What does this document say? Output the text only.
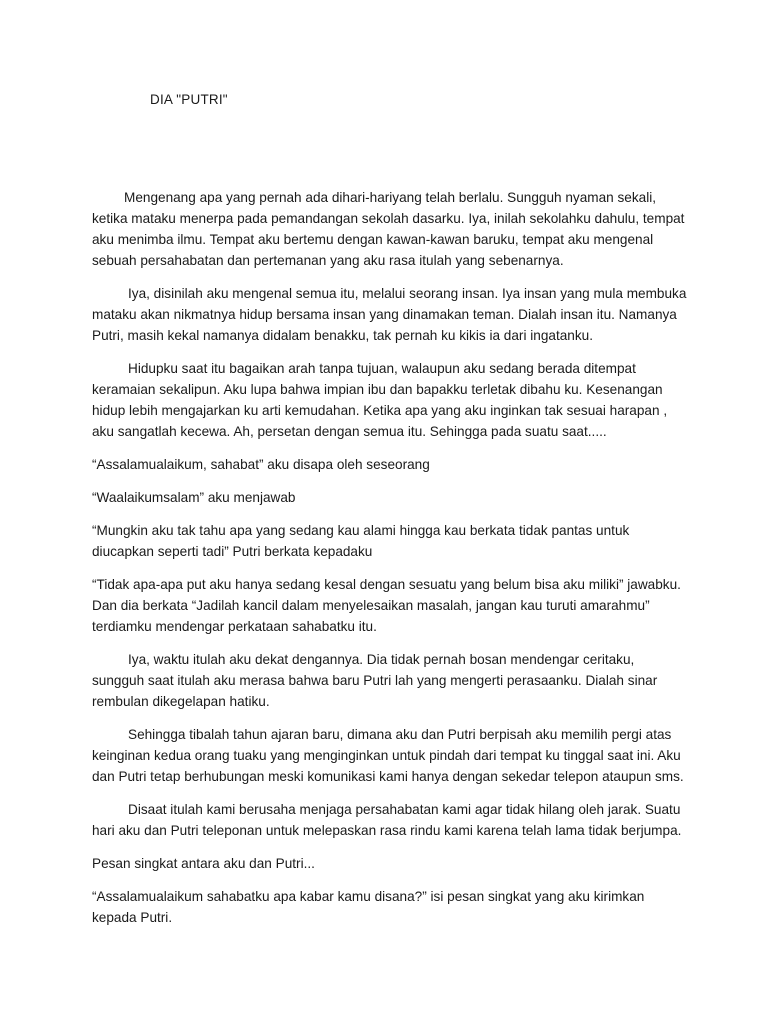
DIA "PUTRI"

Mengenang apa yang pernah ada dihari-hariyang telah berlalu. Sungguh nyaman sekali, ketika mataku menerpa pada pemandangan sekolah dasarku. Iya, inilah sekolahku dahulu, tempat aku menimba ilmu. Tempat aku bertemu dengan kawan-kawan baruku, tempat aku mengenal sebuah persahabatan dan pertemanan yang aku rasa itulah yang sebenarnya.

Iya, disinilah aku mengenal semua itu, melalui seorang insan. Iya insan yang mula membuka mataku akan nikmatnya hidup bersama insan yang dinamakan teman. Dialah insan itu. Namanya Putri, masih kekal namanya didalam benakku, tak pernah ku kikis ia dari ingatanku.

Hidupku saat itu bagaikan arah tanpa tujuan, walaupun aku sedang berada ditempat keramaian sekalipun. Aku lupa bahwa impian ibu dan bapakku terletak dibahu ku. Kesenangan hidup lebih mengajarkan ku arti kemudahan. Ketika apa yang aku inginkan tak sesuai harapan , aku sangatlah kecewa. Ah, persetan dengan semua itu. Sehingga pada suatu saat.....

“Assalamualaikum, sahabat” aku disapa oleh seseorang

“Waalaikumsalam” aku menjawab

“Mungkin aku tak tahu apa yang sedang kau alami hingga kau berkata tidak pantas untuk diucapkan seperti tadi” Putri berkata kepadaku

“Tidak apa-apa put aku hanya sedang kesal dengan sesuatu yang belum bisa aku miliki” jawabku. Dan dia berkata “Jadilah kancil dalam menyelesaikan masalah, jangan kau turuti amarahmu” terdiamku mendengar perkataan sahabatku itu.

Iya, waktu itulah aku dekat dengannya. Dia tidak pernah bosan mendengar ceritaku, sungguh saat itulah aku merasa bahwa baru Putri lah yang mengerti perasaanku. Dialah sinar rembulan dikegelapan hatiku.

Sehingga tibalah tahun ajaran baru, dimana aku dan Putri berpisah aku memilih pergi atas keinginan kedua orang tuaku yang menginginkan untuk pindah dari tempat ku tinggal saat ini. Aku dan Putri tetap berhubungan meski komunikasi kami hanya dengan sekedar telepon ataupun sms.

Disaat itulah kami berusaha menjaga persahabatan kami agar tidak hilang oleh jarak. Suatu hari aku dan Putri teleponan untuk melepaskan rasa rindu kami karena telah lama tidak berjumpa.

Pesan singkat antara aku dan Putri...

“Assalamualaikum sahabatku apa kabar kamu disana?” isi pesan singkat yang aku kirimkan kepada Putri.
